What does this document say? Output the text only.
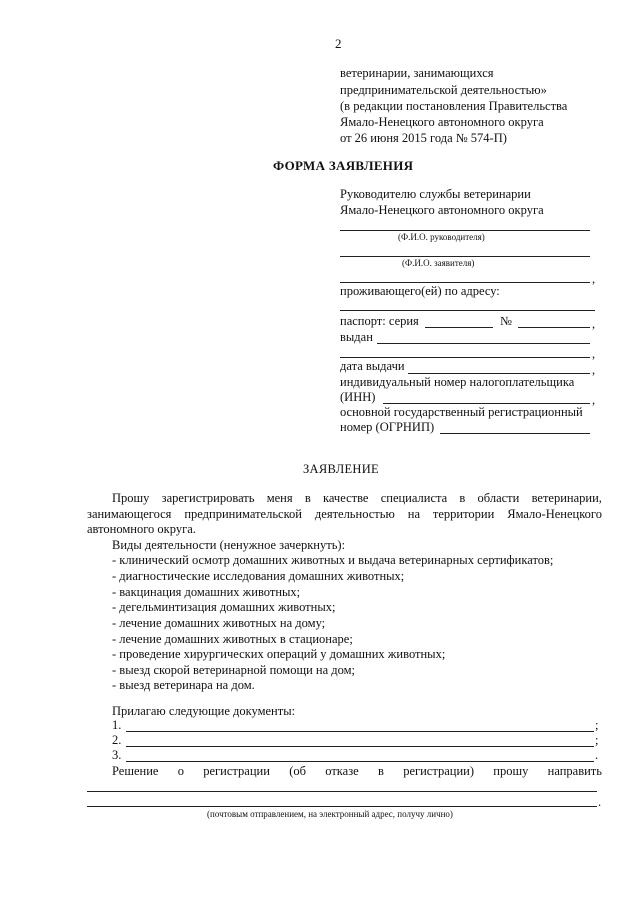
2
ветеринарии, занимающихся
предпринимательской деятельностью»
(в редакции постановления Правительства
Ямало-Ненецкого автономного округа
от 26 июня 2015 года № 574-П)
ФОРМА ЗАЯВЛЕНИЯ
Руководителю службы ветеринарии
Ямало-Ненецкого автономного округа
(Ф.И.О. руководителя)
(Ф.И.О. заявителя)
,
проживающего(ей) по адресу:
паспорт: серия	№	,
выдан
,
дата выдачи	,
индивидуальный номер налогоплательщика
(ИНН)	,
основной государственный регистрационный
номер (ОГРНИП)
ЗАЯВЛЕНИЕ
Прошу зарегистрировать меня в качестве специалиста в области ветеринарии,
занимающегося предпринимательской деятельностью на территории Ямало-Ненецкого
автономного округа.
Виды деятельности (ненужное зачеркнуть):
- клинический осмотр домашних животных и выдача ветеринарных сертификатов;
- диагностические исследования домашних животных;
- вакцинация домашних животных;
- дегельминтизация домашних животных;
- лечение домашних животных на дому;
- лечение домашних животных в стационаре;
- проведение хирургических операций у домашних животных;
- выезд скорой ветеринарной помощи на дом;
- выезд ветеринара на дом.
Прилагаю следующие документы:
1.	;
2.	;
3.	.
Решение о регистрации (об отказе в регистрации) прошу направить
.
(почтовым отправлением, на электронный адрес, получу лично)
